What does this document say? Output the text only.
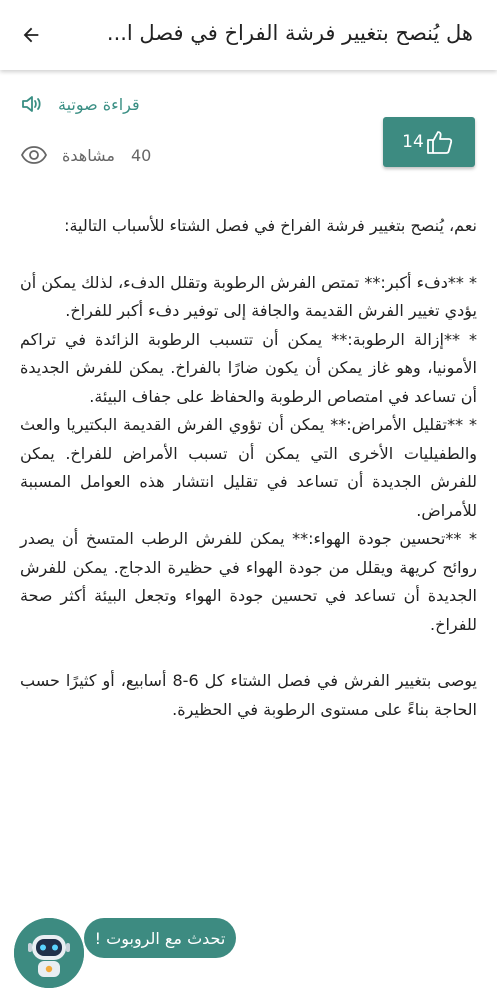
هل يُنصح بتغيير فرشة الفراخ في فصل ا...
قراءة صوتية
مشاهدة 40
14

نعم، يُنصح بتغيير فرشة الفراخ في فصل الشتاء للأسباب التالية:

* **دفء أكبر:** تمتص الفرش الرطوبة وتقلل الدفء، لذلك يمكن أن يؤدي تغيير الفرش القديمة والجافة إلى توفير دفء أكبر للفراخ.

* **إزالة الرطوبة:** يمكن أن تتسبب الرطوبة الزائدة في تراكم الأمونيا، وهو غاز يمكن أن يكون ضارًا بالفراخ. يمكن للفرش الجديدة أن تساعد في امتصاص الرطوبة والحفاظ على جفاف البيئة.

* **تقليل الأمراض:** يمكن أن تؤوي الفرش القديمة البكتيريا والعث والطفيليات الأخرى التي يمكن أن تسبب الأمراض للفراخ. يمكن للفرش الجديدة أن تساعد في تقليل انتشار هذه العوامل المسببة للأمراض.

* **تحسين جودة الهواء:** يمكن للفرش الرطب المتسخ أن يصدر روائح كريهة ويقلل من جودة الهواء في حظيرة الدجاج. يمكن للفرش الجديدة أن تساعد في تحسين جودة الهواء وتجعل البيئة أكثر صحة للفراخ.

يوصى بتغيير الفرش في فصل الشتاء كل 6-8 أسابيع، أو كثيرًا حسب الحاجة بناءً على مستوى الرطوبة في الحظيرة.

تحدث مع الروبوت !
